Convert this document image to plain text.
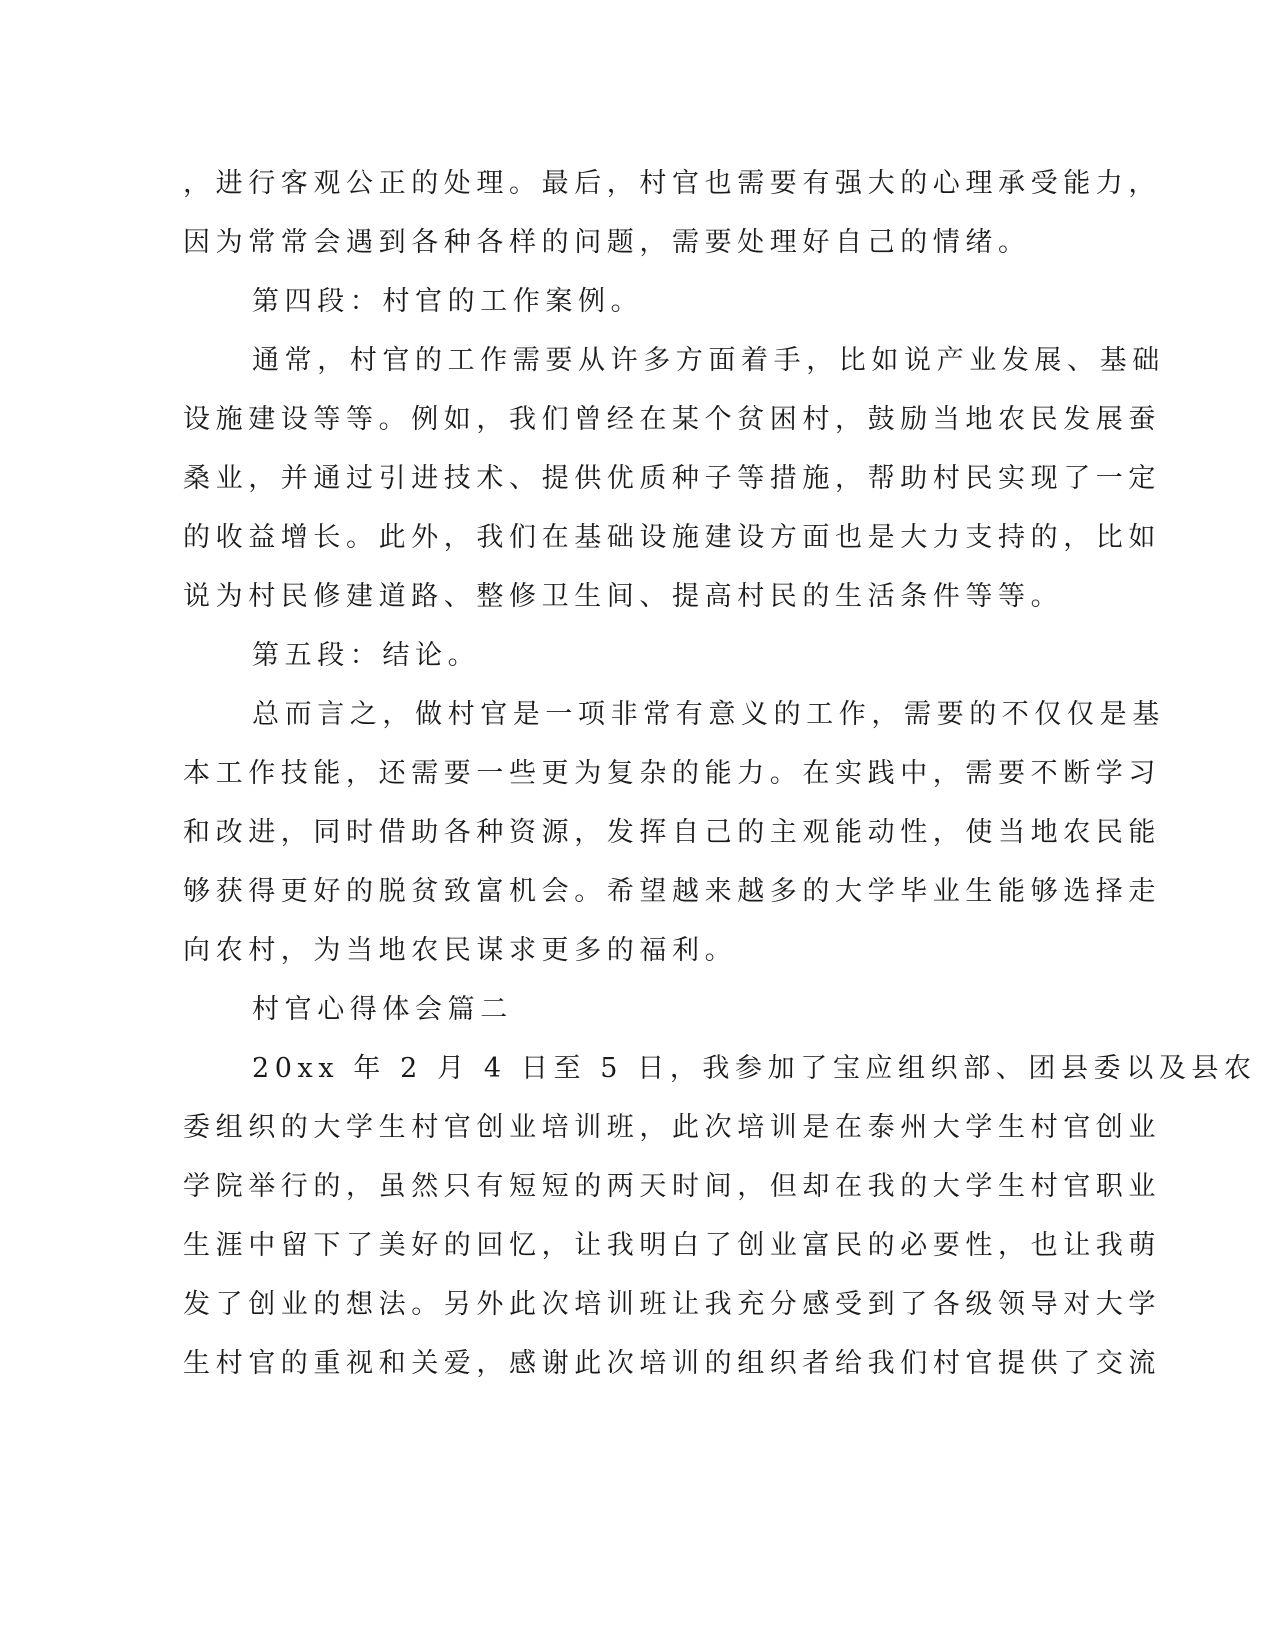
，进行客观公正的处理。最后，村官也需要有强大的心理承受能力，
因为常常会遇到各种各样的问题，需要处理好自己的情绪。
第四段：村官的工作案例。
通常，村官的工作需要从许多方面着手，比如说产业发展、基础
设施建设等等。例如，我们曾经在某个贫困村，鼓励当地农民发展蚕
桑业，并通过引进技术、提供优质种子等措施，帮助村民实现了一定
的收益增长。此外，我们在基础设施建设方面也是大力支持的，比如
说为村民修建道路、整修卫生间、提高村民的生活条件等等。
第五段：结论。
总而言之，做村官是一项非常有意义的工作，需要的不仅仅是基
本工作技能，还需要一些更为复杂的能力。在实践中，需要不断学习
和改进，同时借助各种资源，发挥自己的主观能动性，使当地农民能
够获得更好的脱贫致富机会。希望越来越多的大学毕业生能够选择走
向农村，为当地农民谋求更多的福利。
村官心得体会篇二
20xx 年 2 月 4 日至 5 日，我参加了宝应组织部、团县委以及县农
委组织的大学生村官创业培训班，此次培训是在泰州大学生村官创业
学院举行的，虽然只有短短的两天时间，但却在我的大学生村官职业
生涯中留下了美好的回忆，让我明白了创业富民的必要性，也让我萌
发了创业的想法。另外此次培训班让我充分感受到了各级领导对大学
生村官的重视和关爱，感谢此次培训的组织者给我们村官提供了交流
